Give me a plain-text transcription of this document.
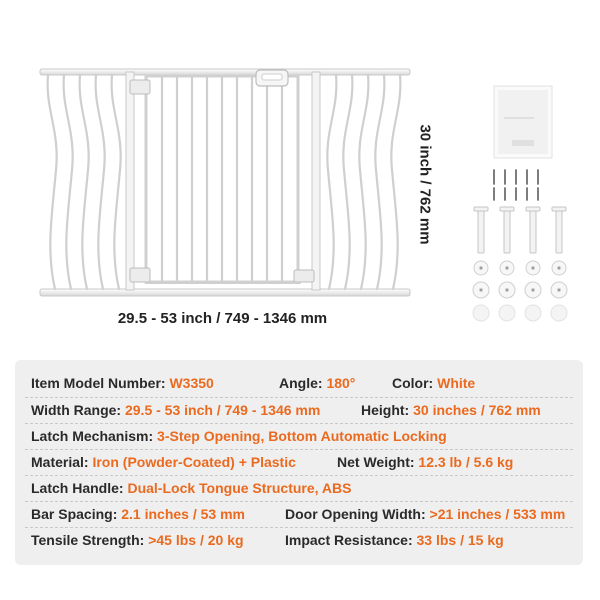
29.5 - 53 inch / 749 - 1346 mm
30 inch / 762 mm
Item Model Number: W3350	Angle: 180°	Color: White
Width Range: 29.5 - 53 inch / 749 - 1346 mm	Height: 30 inches / 762 mm
Latch Mechanism: 3-Step Opening, Bottom Automatic Locking
Material: Iron (Powder-Coated) + Plastic	Net Weight: 12.3 lb / 5.6 kg
Latch Handle: Dual-Lock Tongue Structure, ABS
Bar Spacing: 2.1 inches / 53 mm	Door Opening Width: >21 inches / 533 mm
Tensile Strength: >45 lbs / 20 kg	Impact Resistance: 33 lbs / 15 kg
